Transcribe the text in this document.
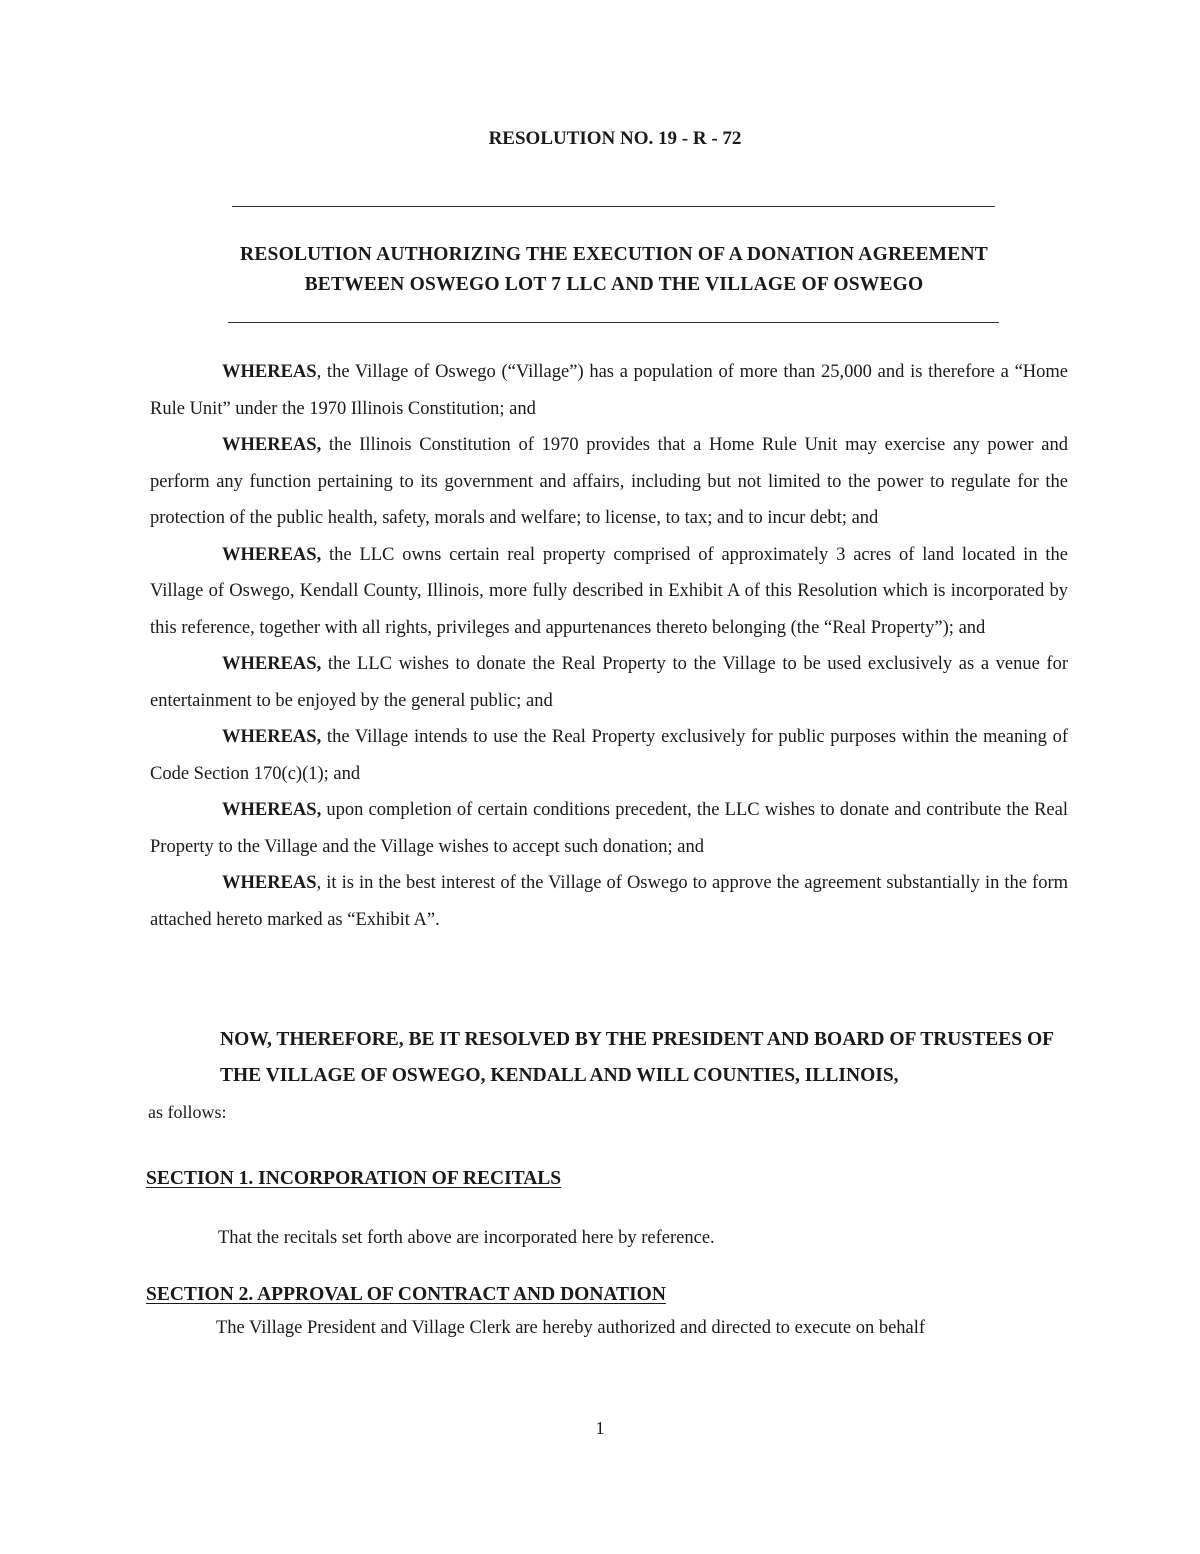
RESOLUTION NO. 19 - R - 72
RESOLUTION AUTHORIZING THE EXECUTION OF A DONATION AGREEMENT
BETWEEN OSWEGO LOT 7 LLC AND THE VILLAGE OF OSWEGO

WHEREAS, the Village of Oswego (“Village”) has a population of more than 25,000 and is therefore a “Home Rule Unit” under the 1970 Illinois Constitution; and

WHEREAS, the Illinois Constitution of 1970 provides that a Home Rule Unit may exercise any power and perform any function pertaining to its government and affairs, including but not limited to the power to regulate for the protection of the public health, safety, morals and welfare; to license, to tax; and to incur debt; and

WHEREAS, the LLC owns certain real property comprised of approximately 3 acres of land located in the Village of Oswego, Kendall County, Illinois, more fully described in Exhibit A of this Resolution which is incorporated by this reference, together with all rights, privileges and appurtenances thereto belonging (the “Real Property”); and

WHEREAS, the LLC wishes to donate the Real Property to the Village to be used exclusively as a venue for entertainment to be enjoyed by the general public; and

WHEREAS, the Village intends to use the Real Property exclusively for public purposes within the meaning of Code Section 170(c)(1); and

WHEREAS, upon completion of certain conditions precedent, the LLC wishes to donate and contribute the Real Property to the Village and the Village wishes to accept such donation; and

WHEREAS, it is in the best interest of the Village of Oswego to approve the agreement substantially in the form attached hereto marked as “Exhibit A”.

NOW, THEREFORE, BE IT RESOLVED BY THE PRESIDENT AND BOARD OF TRUSTEES OF THE VILLAGE OF OSWEGO, KENDALL AND WILL COUNTIES, ILLINOIS,
as follows:
SECTION 1. INCORPORATION OF RECITALS
That the recitals set forth above are incorporated here by reference.
SECTION 2. APPROVAL OF CONTRACT AND DONATION
The Village President and Village Clerk are hereby authorized and directed to execute on behalf
1
